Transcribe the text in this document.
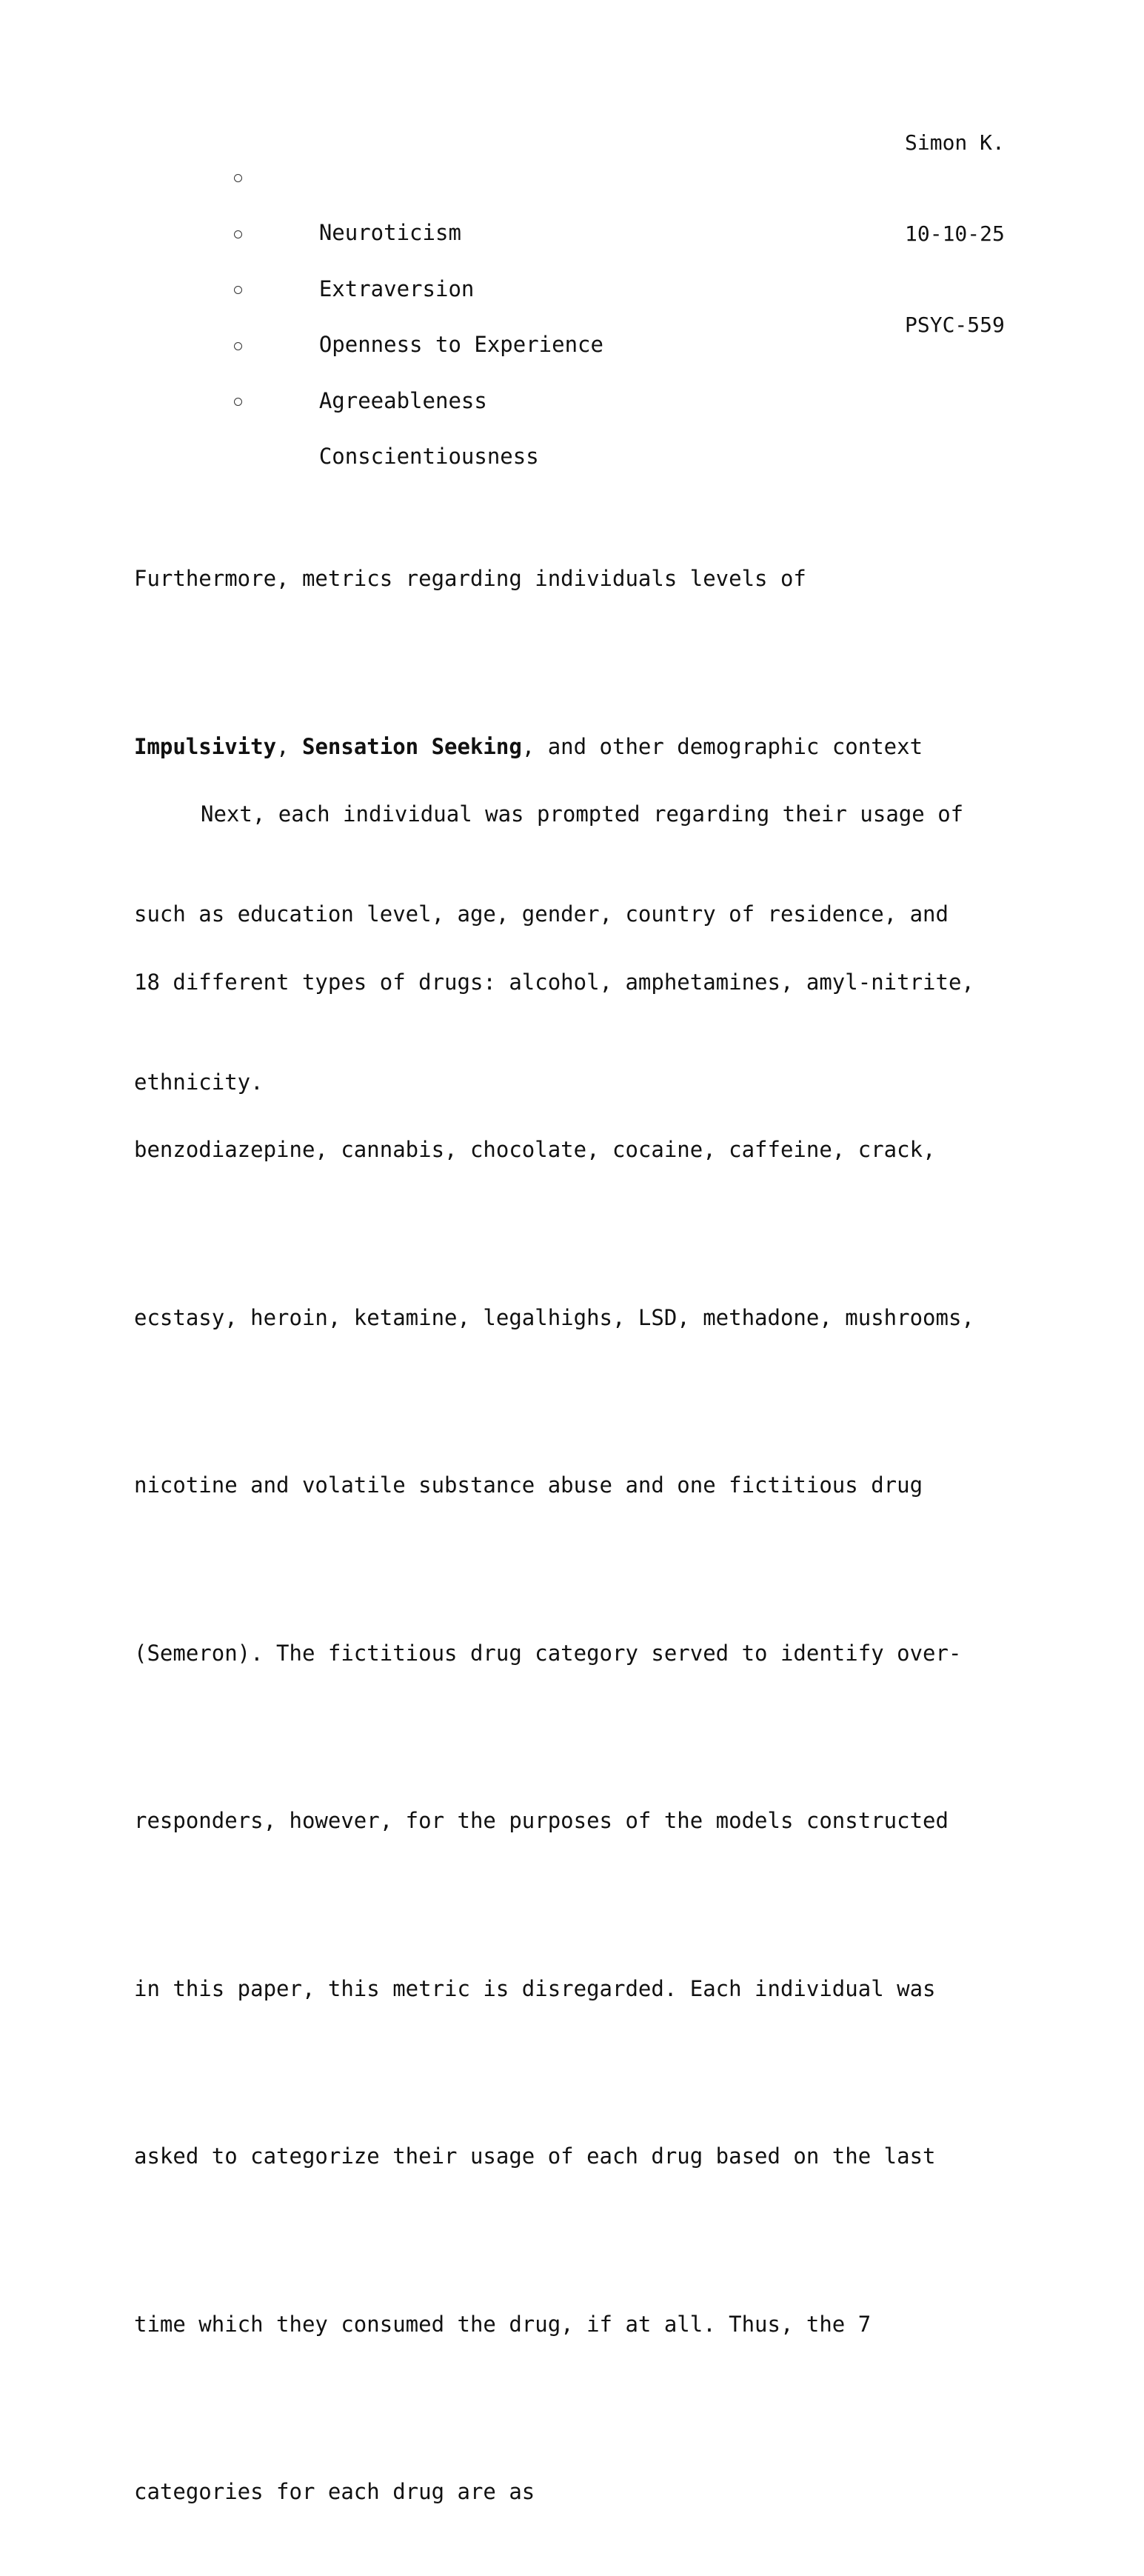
Simon K.

10-10-25

PSYC-559

Neuroticism

Extraversion

Openness to Experience

Agreeableness

Conscientiousness

Furthermore, metrics regarding individuals levels of

Impulsivity, Sensation Seeking, and other demographic context

such as education level, age, gender, country of residence, and

ethnicity.

Next, each individual was prompted regarding their usage of

18 different types of drugs: alcohol, amphetamines, amyl-nitrite,

benzodiazepine, cannabis, chocolate, cocaine, caffeine, crack,

ecstasy, heroin, ketamine, legalhighs, LSD, methadone, mushrooms,

nicotine and volatile substance abuse and one fictitious drug

(Semeron). The fictitious drug category served to identify over-

responders, however, for the purposes of the models constructed

in this paper, this metric is disregarded. Each individual was

asked to categorize their usage of each drug based on the last

time which they consumed the drug, if at all. Thus, the 7

categories for each drug are as
